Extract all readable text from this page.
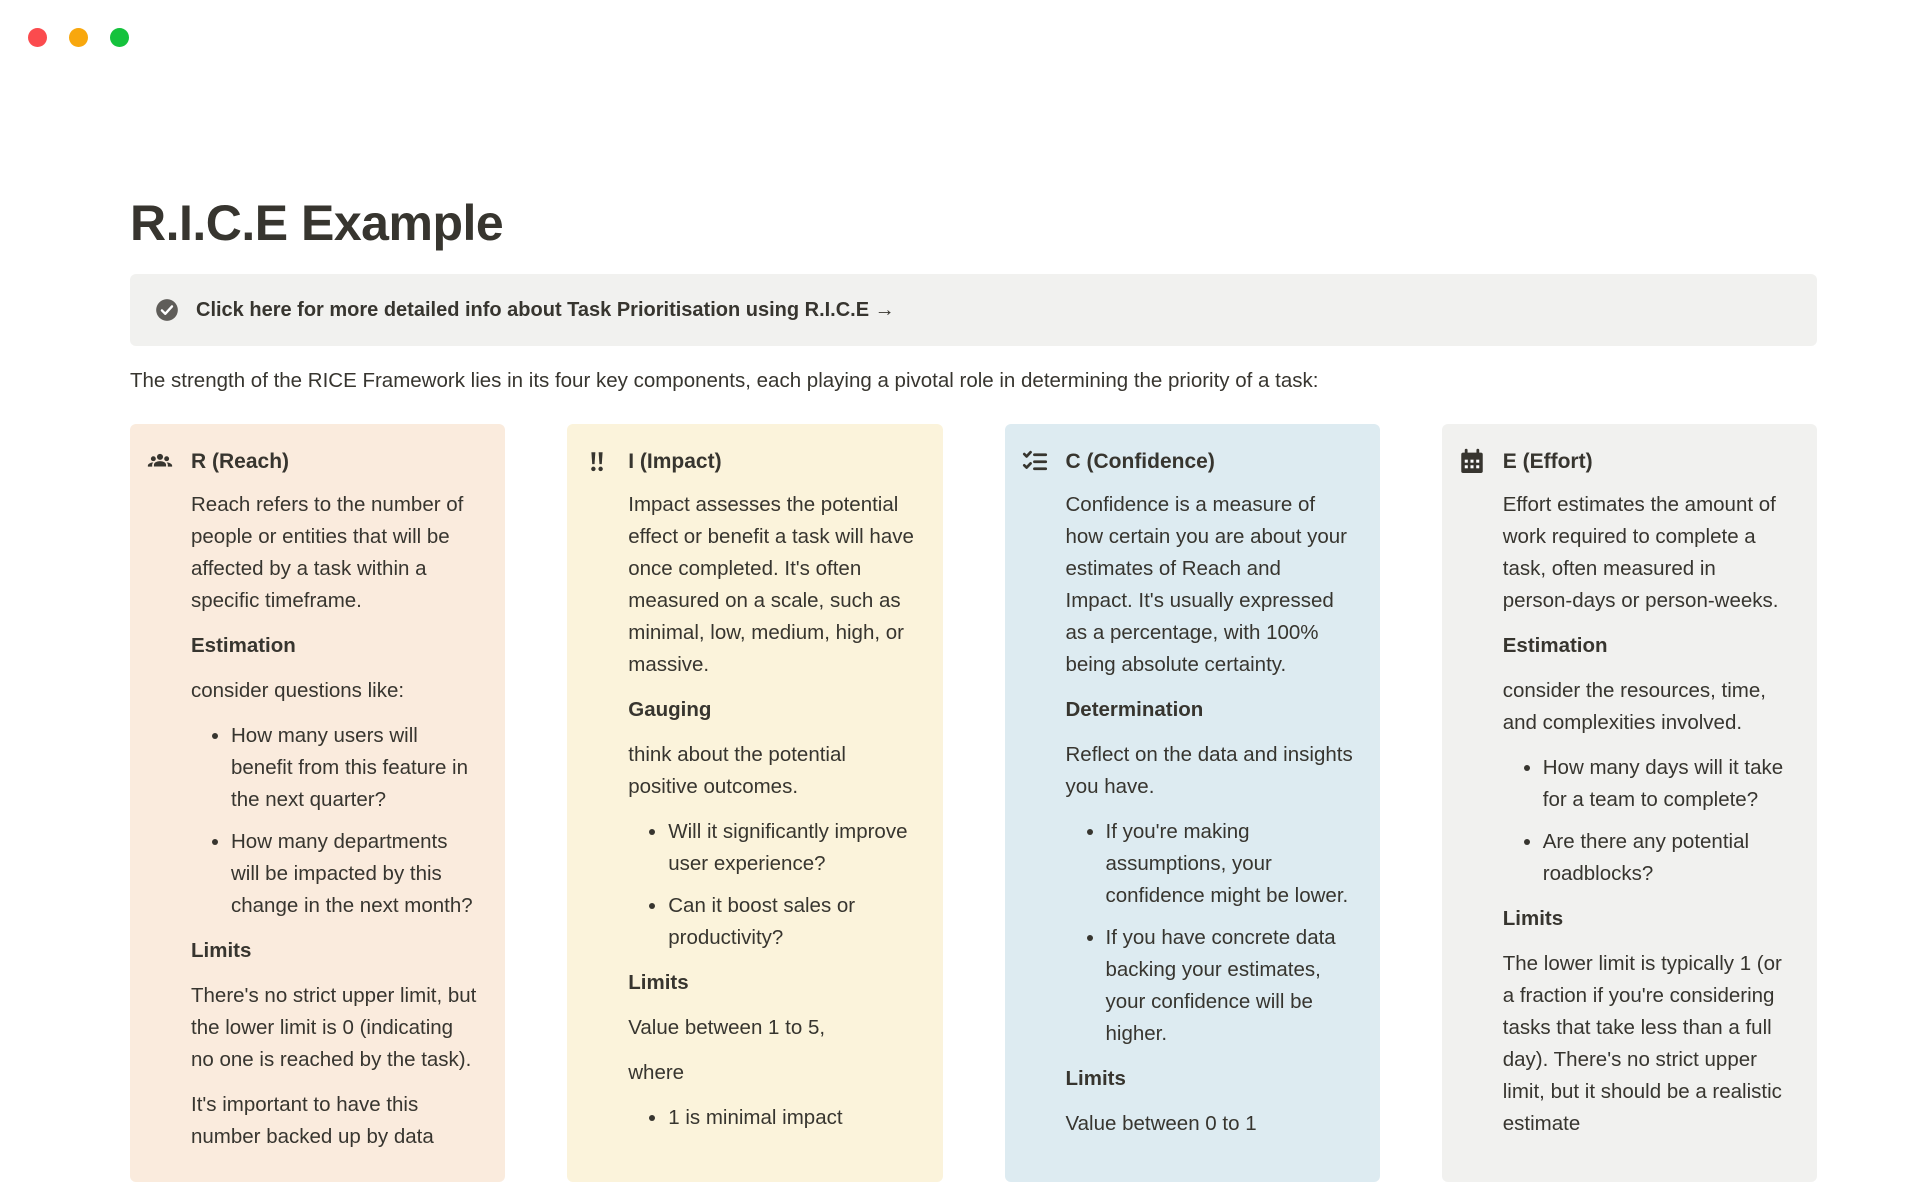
R.I.C.E Example
Click here for more detailed info about Task Prioritisation using R.I.C.E →
The strength of the RICE Framework lies in its four key components, each playing a pivotal role in determining the priority of a task:
R (Reach)
Reach refers to the number of people or entities that will be affected by a task within a specific timeframe.
Estimation
consider questions like:
• How many users will benefit from this feature in the next quarter?
• How many departments will be impacted by this change in the next month?
Limits
There's no strict upper limit, but the lower limit is 0 (indicating no one is reached by the task).
It's important to have this number backed up by data
I (Impact)
Impact assesses the potential effect or benefit a task will have once completed. It's often measured on a scale, such as minimal, low, medium, high, or massive.
Gauging
think about the potential positive outcomes.
• Will it significantly improve user experience?
• Can it boost sales or productivity?
Limits
Value between 1 to 5,
where
• 1 is minimal impact
C (Confidence)
Confidence is a measure of how certain you are about your estimates of Reach and Impact. It's usually expressed as a percentage, with 100% being absolute certainty.
Determination
Reflect on the data and insights you have.
• If you're making assumptions, your confidence might be lower.
• If you have concrete data backing your estimates, your confidence will be higher.
Limits
Value between 0 to 1
E (Effort)
Effort estimates the amount of work required to complete a task, often measured in person-days or person-weeks.
Estimation
consider the resources, time, and complexities involved.
• How many days will it take for a team to complete?
• Are there any potential roadblocks?
Limits
The lower limit is typically 1 (or a fraction if you're considering tasks that take less than a full day). There's no strict upper limit, but it should be a realistic estimate
